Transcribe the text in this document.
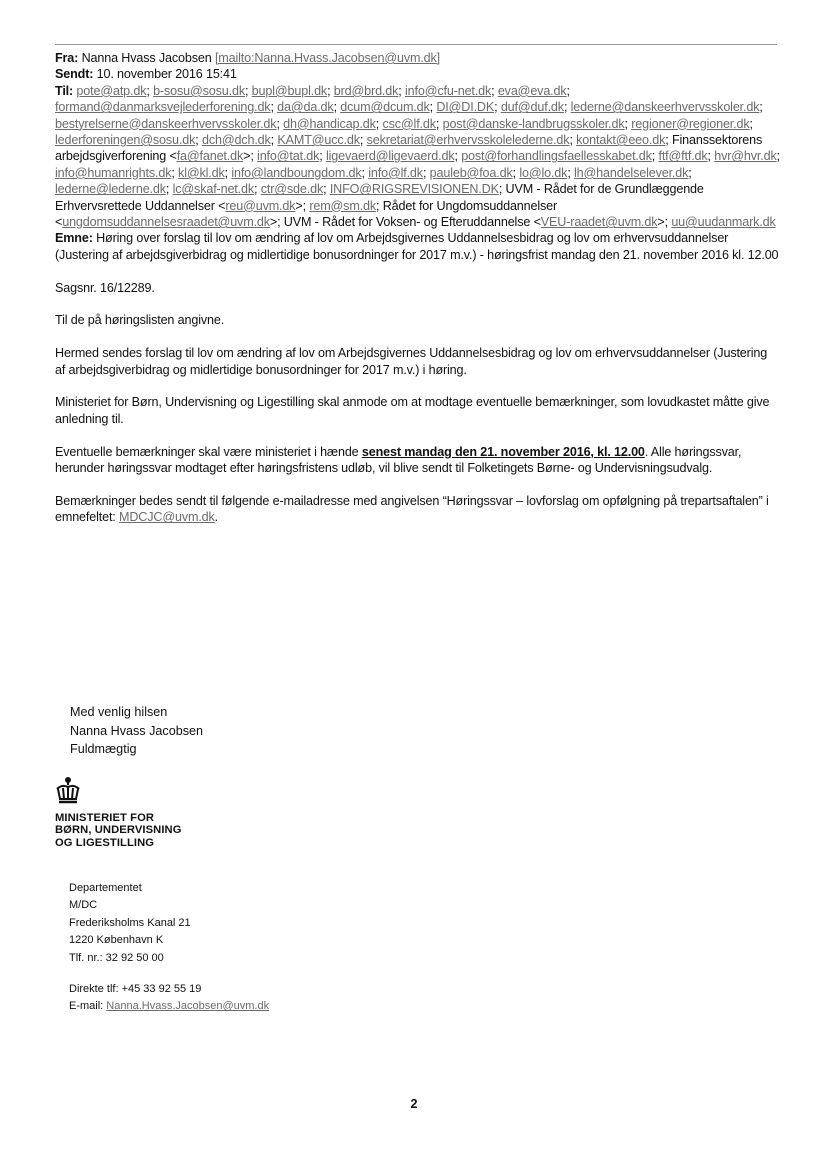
Fra: Nanna Hvass Jacobsen [mailto:Nanna.Hvass.Jacobsen@uvm.dk]
Sendt: 10. november 2016 15:41
Til: pote@atp.dk; b-sosu@sosu.dk; bupl@bupl.dk; brd@brd.dk; info@cfu-net.dk; eva@eva.dk; formand@danmarksvejlederforening.dk; da@da.dk; dcum@dcum.dk; DI@DI.DK; duf@duf.dk; lederne@danskeerhvervsskoler.dk; bestyrelserne@danskeerhvervsskoler.dk; dh@handicap.dk; csc@lf.dk; post@danske-landbrugsskoler.dk; regioner@regioner.dk; lederforeningen@sosu.dk; dch@dch.dk; KAMT@ucc.dk; sekretariat@erhvervsskolelederne.dk; kontakt@eeo.dk; Finanssektorens arbejdsgiverforening <fa@fanet.dk>; info@tat.dk; ligevaerd@ligevaerd.dk; post@forhandlingsfaellesskabet.dk; ftf@ftf.dk; hvr@hvr.dk; info@humanrights.dk; kl@kl.dk; info@landboungdom.dk; info@lf.dk; pauleb@foa.dk; lo@lo.dk; lh@handelselever.dk; lederne@lederne.dk; lc@skaf-net.dk; ctr@sde.dk; INFO@RIGSREVISIONEN.DK; UVM - Rådet for de Grundlæggende Erhvervsrettede Uddannelser <reu@uvm.dk>; rem@sm.dk; Rådet for Ungdomsuddannelser <ungdomsuddannelsesraadet@uvm.dk>; UVM - Rådet for Voksen- og Efteruddannelse <VEU-raadet@uvm.dk>; uu@uudanmark.dk
Emne: Høring over forslag til lov om ændring af lov om Arbejdsgivernes Uddannelsesbidrag og lov om erhvervsuddannelser (Justering af arbejdsgiverbidrag og midlertidige bonusordninger for 2017 m.v.) - høringsfrist mandag den 21. november 2016 kl. 12.00

Sagsnr. 16/12289.

Til de på høringslisten angivne.

Hermed sendes forslag til lov om ændring af lov om Arbejdsgivernes Uddannelsesbidrag og lov om erhvervsuddannelser (Justering af arbejdsgiverbidrag og midlertidige bonusordninger for 2017 m.v.) i høring.

Ministeriet for Børn, Undervisning og Ligestilling skal anmode om at modtage eventuelle bemærkninger, som lovudkastet måtte give anledning til.

Eventuelle bemærkninger skal være ministeriet i hænde senest mandag den 21. november 2016, kl. 12.00. Alle høringssvar, herunder høringssvar modtaget efter høringsfristens udløb, vil blive sendt til Folketingets Børne- og Undervisningsudvalg.

Bemærkninger bedes sendt til følgende e-mailadresse med angivelsen “Høringssvar – lovforslag om opfølgning på trepartsaftalen” i emnefeltet: MDCJC@uvm.dk.

Med venlig hilsen
Nanna Hvass Jacobsen
Fuldmægtig
MINISTERIET FOR
BØRN, UNDERVISNING
OG LIGESTILLING
Departementet
M/DC
Frederiksholms Kanal 21
1220 København K
Tlf. nr.: 32 92 50 00
Direkte tlf: +45 33 92 55 19
E-mail: Nanna.Hvass.Jacobsen@uvm.dk
2
